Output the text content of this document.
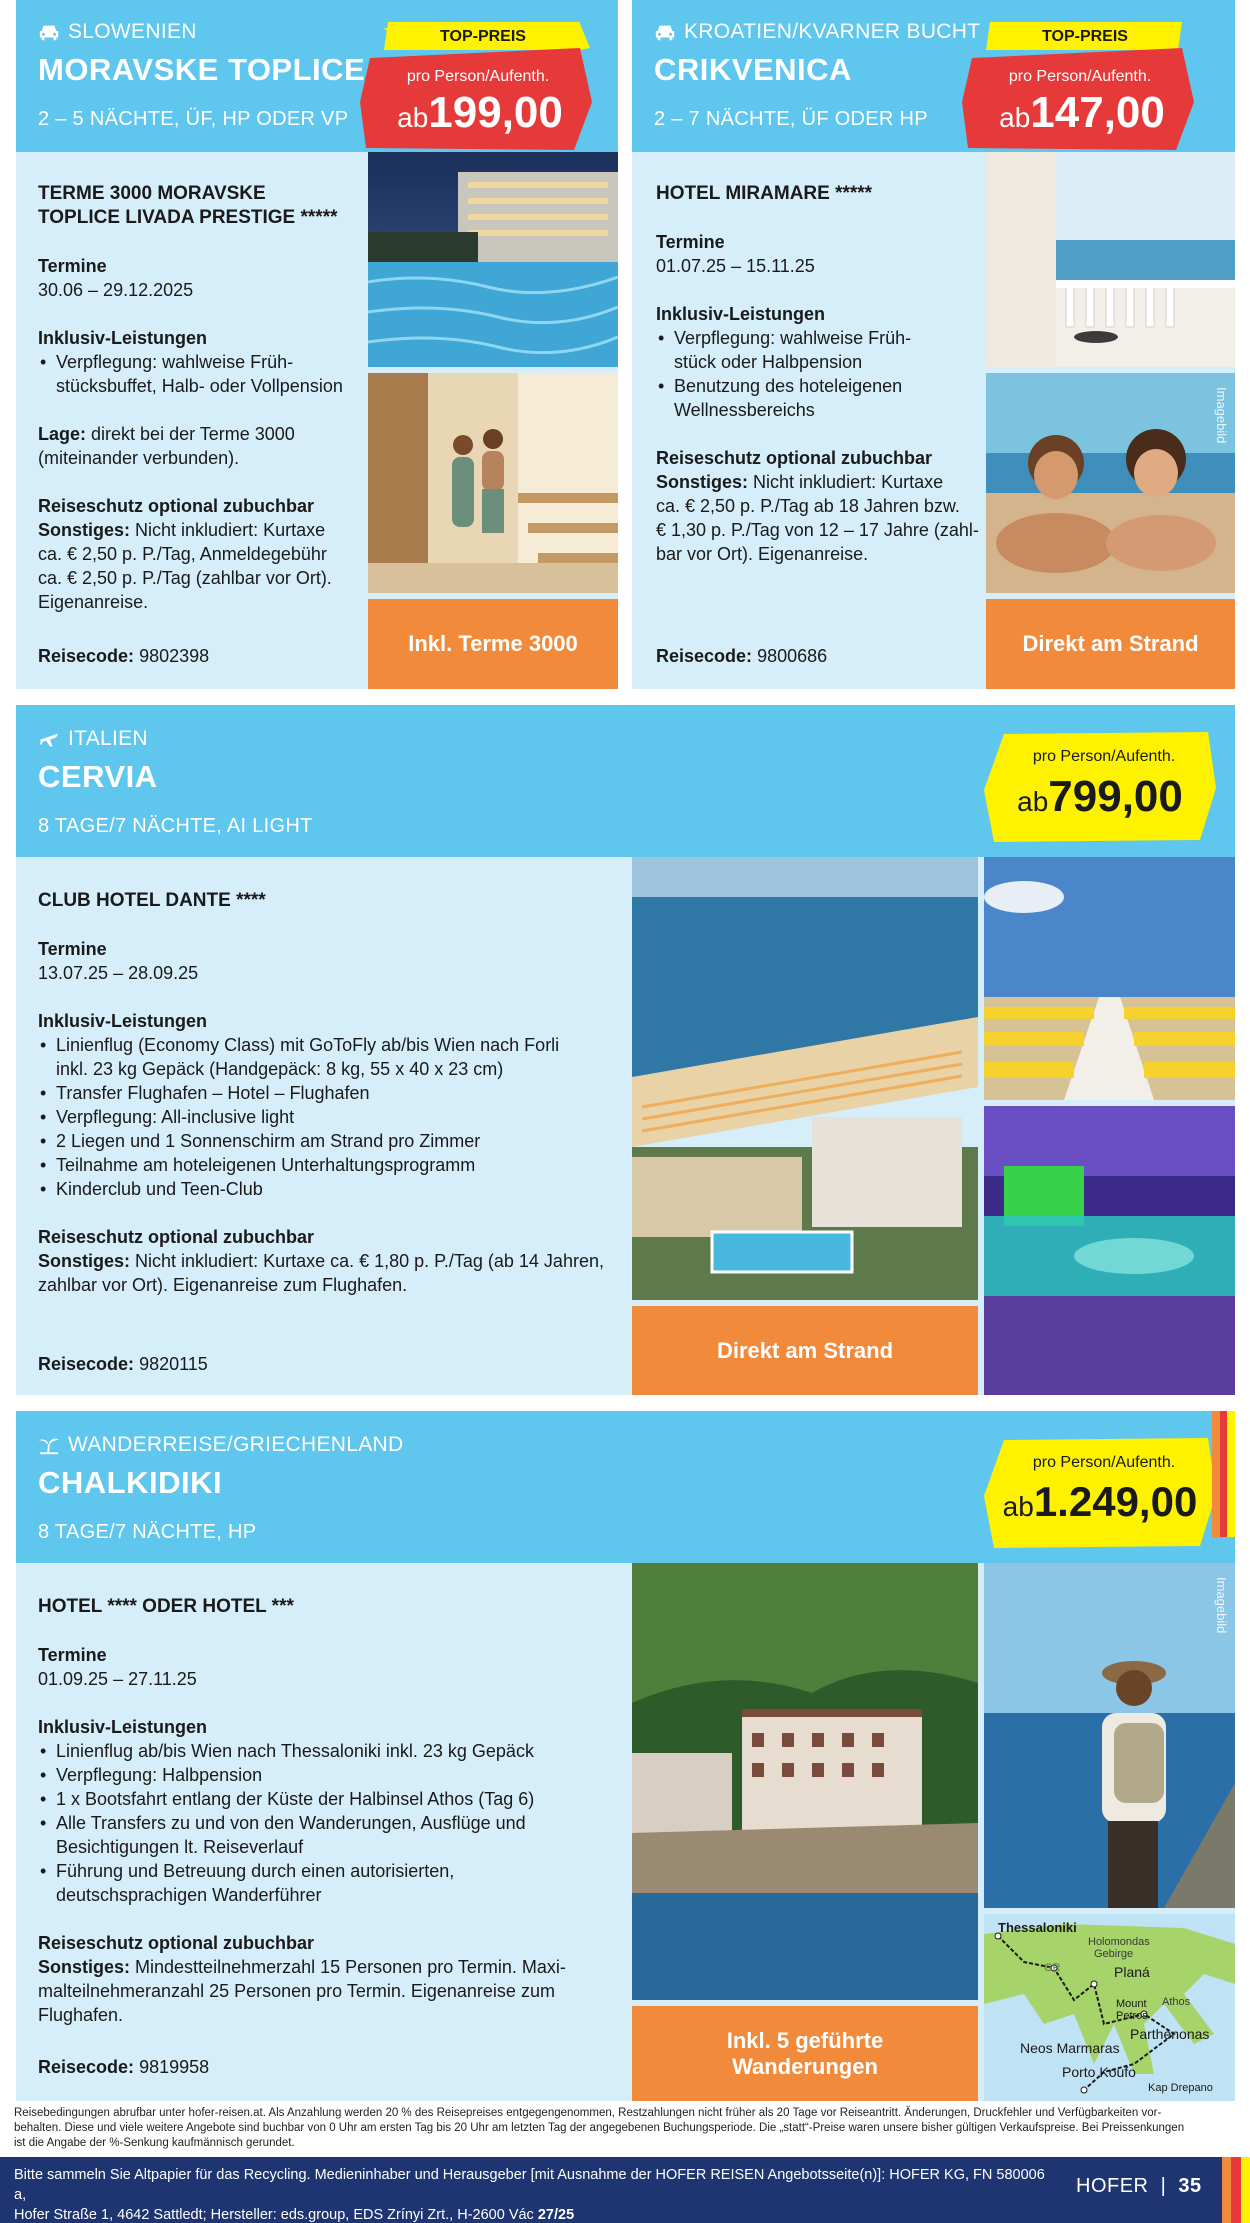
SLOWENIEN
MORAVSKE TOPLICE
2 – 5 NÄCHTE, ÜF, HP ODER VP
TERME 3000 MORAVSKE
TOPLICE LIVADA PRESTIGE *****
Termine
30.06 – 29.12.2025
Inklusiv-Leistungen
• Verpflegung: wahlweise Früh-
stücksbuffet, Halb- oder Vollpension
Lage: direkt bei der Terme 3000
(miteinander verbunden).
Reiseschutz optional zubuchbar
Sonstiges: Nicht inkludiert: Kurtaxe
ca. € 2,50 p. P./Tag, Anmeldegebühr
ca. € 2,50 p. P./Tag (zahlbar vor Ort).
Eigenanreise.
Reisecode: 9802398	Inkl. Terme 3000
TOP-PREIS
pro Person/Aufenth.
ab199,00
KROATIEN/KVARNER BUCHT
CRIKVENICA
2 – 7 NÄCHTE, ÜF ODER HP
HOTEL MIRAMARE *****
Termine
01.07.25 – 15.11.25
Inklusiv-Leistungen
• Verpflegung: wahlweise Früh-
stück oder Halbpension
• Benutzung des hoteleigenen
Wellnessbereichs
Reiseschutz optional zubuchbar
Sonstiges: Nicht inkludiert: Kurtaxe
ca. € 2,50 p. P./Tag ab 18 Jahren bzw.
€ 1,30 p. P./Tag von 12 – 17 Jahre (zahl-
bar vor Ort). Eigenanreise.
Reisecode: 9800686
Imagebild
Direkt am Strand
TOP-PREIS
pro Person/Aufenth.
ab147,00
ITALIEN
CERVIA
8 TAGE/7 NÄCHTE, AI LIGHT
CLUB HOTEL DANTE ****
Termine
13.07.25 – 28.09.25
Inklusiv-Leistungen
• Linienflug (Economy Class) mit GoToFly ab/bis Wien nach Forli
inkl. 23 kg Gepäck (Handgepäck: 8 kg, 55 x 40 x 23 cm)
• Transfer Flughafen – Hotel – Flughafen
• Verpflegung: All-inclusive light
• 2 Liegen und 1 Sonnenschirm am Strand pro Zimmer
• Teilnahme am hoteleigenen Unterhaltungsprogramm
• Kinderclub und Teen-Club
Reiseschutz optional zubuchbar
Sonstiges: Nicht inkludiert: Kurtaxe ca. € 1,80 p. P./Tag (ab 14 Jahren,
zahlbar vor Ort). Eigenanreise zum Flughafen.
Reisecode: 9820115
Direkt am Strand
pro Person/Aufenth.
ab799,00
WANDERREISE/GRIECHENLAND
CHALKIDIKI
8 TAGE/7 NÄCHTE, HP
HOTEL **** ODER HOTEL ***
Termine
01.09.25 – 27.11.25
Inklusiv-Leistungen
• Linienflug ab/bis Wien nach Thessaloniki inkl. 23 kg Gepäck
• Verpflegung: Halbpension
• 1 x Bootsfahrt entlang der Küste der Halbinsel Athos (Tag 6)
• Alle Transfers zu und von den Wanderungen, Ausflüge und
Besichtigungen lt. Reiseverlauf
• Führung und Betreuung durch einen autorisierten,
deutschsprachigen Wanderführer
Reiseschutz optional zubuchbar
Sonstiges: Mindestteilnehmerzahl 15 Personen pro Termin. Maxi-
malteilnehmeranzahl 25 Personen pro Termin. Eigenanreise zum
Flughafen.
Reisecode: 9819958
Imagebild
Thessaloniki
Holomondas
Gebirge
GR	Planá
Mount
Petros
Athos
Parthenonas
Neos Marmaras
Porto Koufo
Kap Drepano
Inkl. 5 geführte
Wanderungen
pro Person/Aufenth.
ab1.249,00
Reisebedingungen abrufbar unter hofer-reisen.at. Als Anzahlung werden 20 % des Reisepreises entgegengenommen, Restzahlungen nicht früher als 20 Tage vor Reiseantritt. Änderungen, Druckfehler und Verfügbarkeiten vor-
behalten. Diese und viele weitere Angebote sind buchbar von 0 Uhr am ersten Tag bis 20 Uhr am letzten Tag der angegebenen Buchungsperiode. Die „statt“-Preise waren unsere bisher gültigen Verkaufspreise. Bei Preissenkungen
ist die Angabe der %-Senkung kaufmännisch gerundet.
Bitte sammeln Sie Altpapier für das Recycling. Medieninhaber und Herausgeber [mit Ausnahme der HOFER REISEN Angebotsseite(n)]: HOFER KG, FN 580006 a,
Hofer Straße 1, 4642 Sattledt; Hersteller: eds.group, EDS Zrínyi Zrt., H-2600 Vác 27/25
HOFER | 35
